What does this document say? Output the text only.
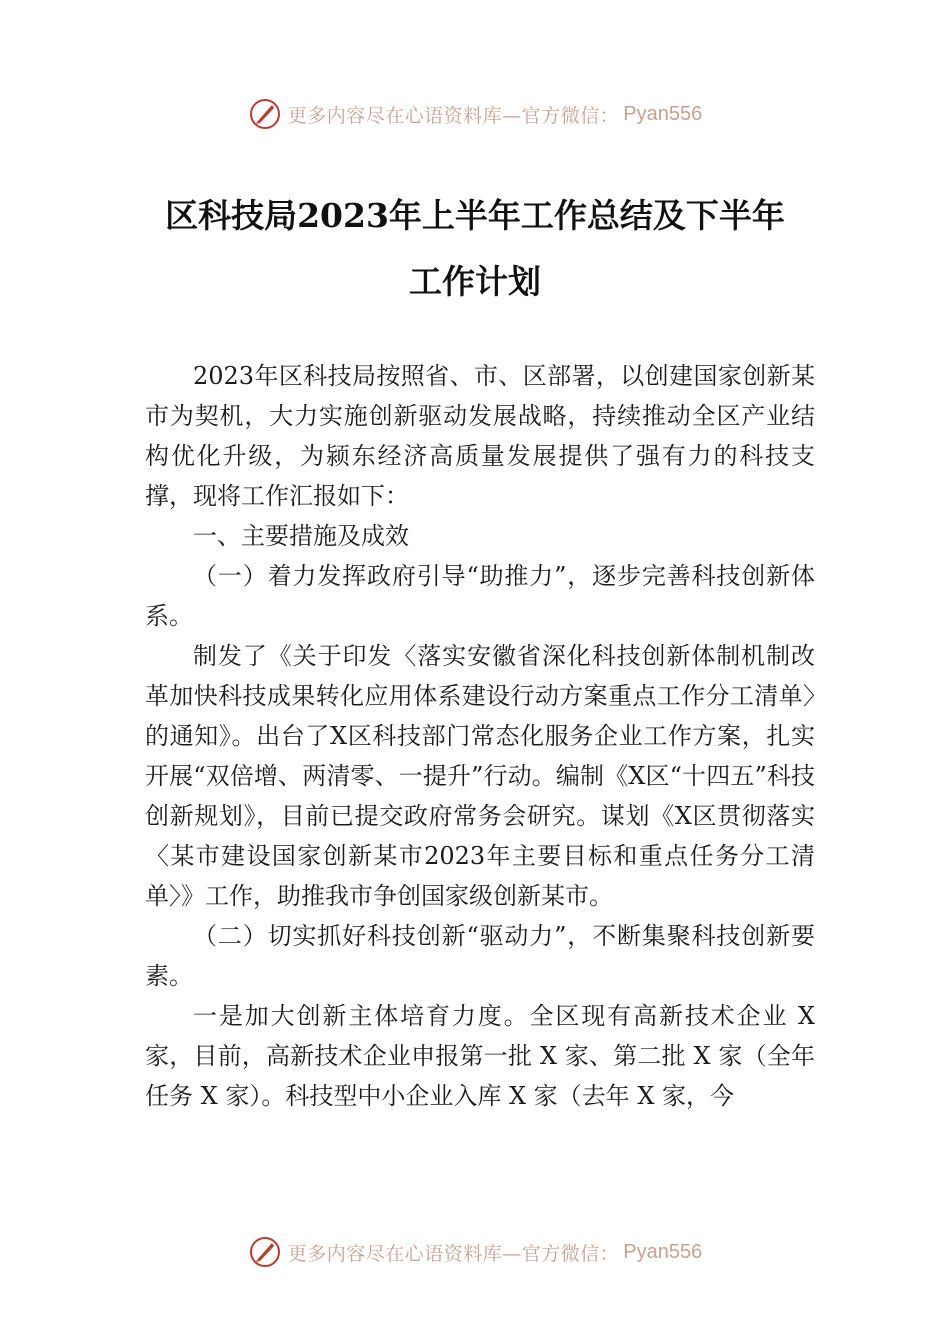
更多内容尽在心语资料库—官方微信： Pyan556
区科技局2023年上半年工作总结及下半年
工作计划

2023年区科技局按照省、市、区部署，以创建国家创新某市为契机，大力实施创新驱动发展战略，持续推动全区产业结构优化升级，为颍东经济高质量发展提供了强有力的科技支撑，现将工作汇报如下：

一、主要措施及成效

（一）着力发挥政府引导“助推力”，逐步完善科技创新体系。

制发了《关于印发〈落实安徽省深化科技创新体制机制改革加快科技成果转化应用体系建设行动方案重点工作分工清单〉的通知》。出台了X区科技部门常态化服务企业工作方案，扎实开展“双倍增、两清零、一提升”行动。编制《X区“十四五”科技创新规划》，目前已提交政府常务会研究。谋划《X区贯彻落实〈某市建设国家创新某市2023年主要目标和重点任务分工清单〉》工作，助推我市争创国家级创新某市。

（二）切实抓好科技创新“驱动力”，不断集聚科技创新要素。

一是加大创新主体培育力度。全区现有高新技术企业 X 家，目前，高新技术企业申报第一批 X 家、第二批 X 家（全年任务 X 家）。科技型中小企业入库 X 家（去年 X 家，今

更多内容尽在心语资料库—官方微信： Pyan556
